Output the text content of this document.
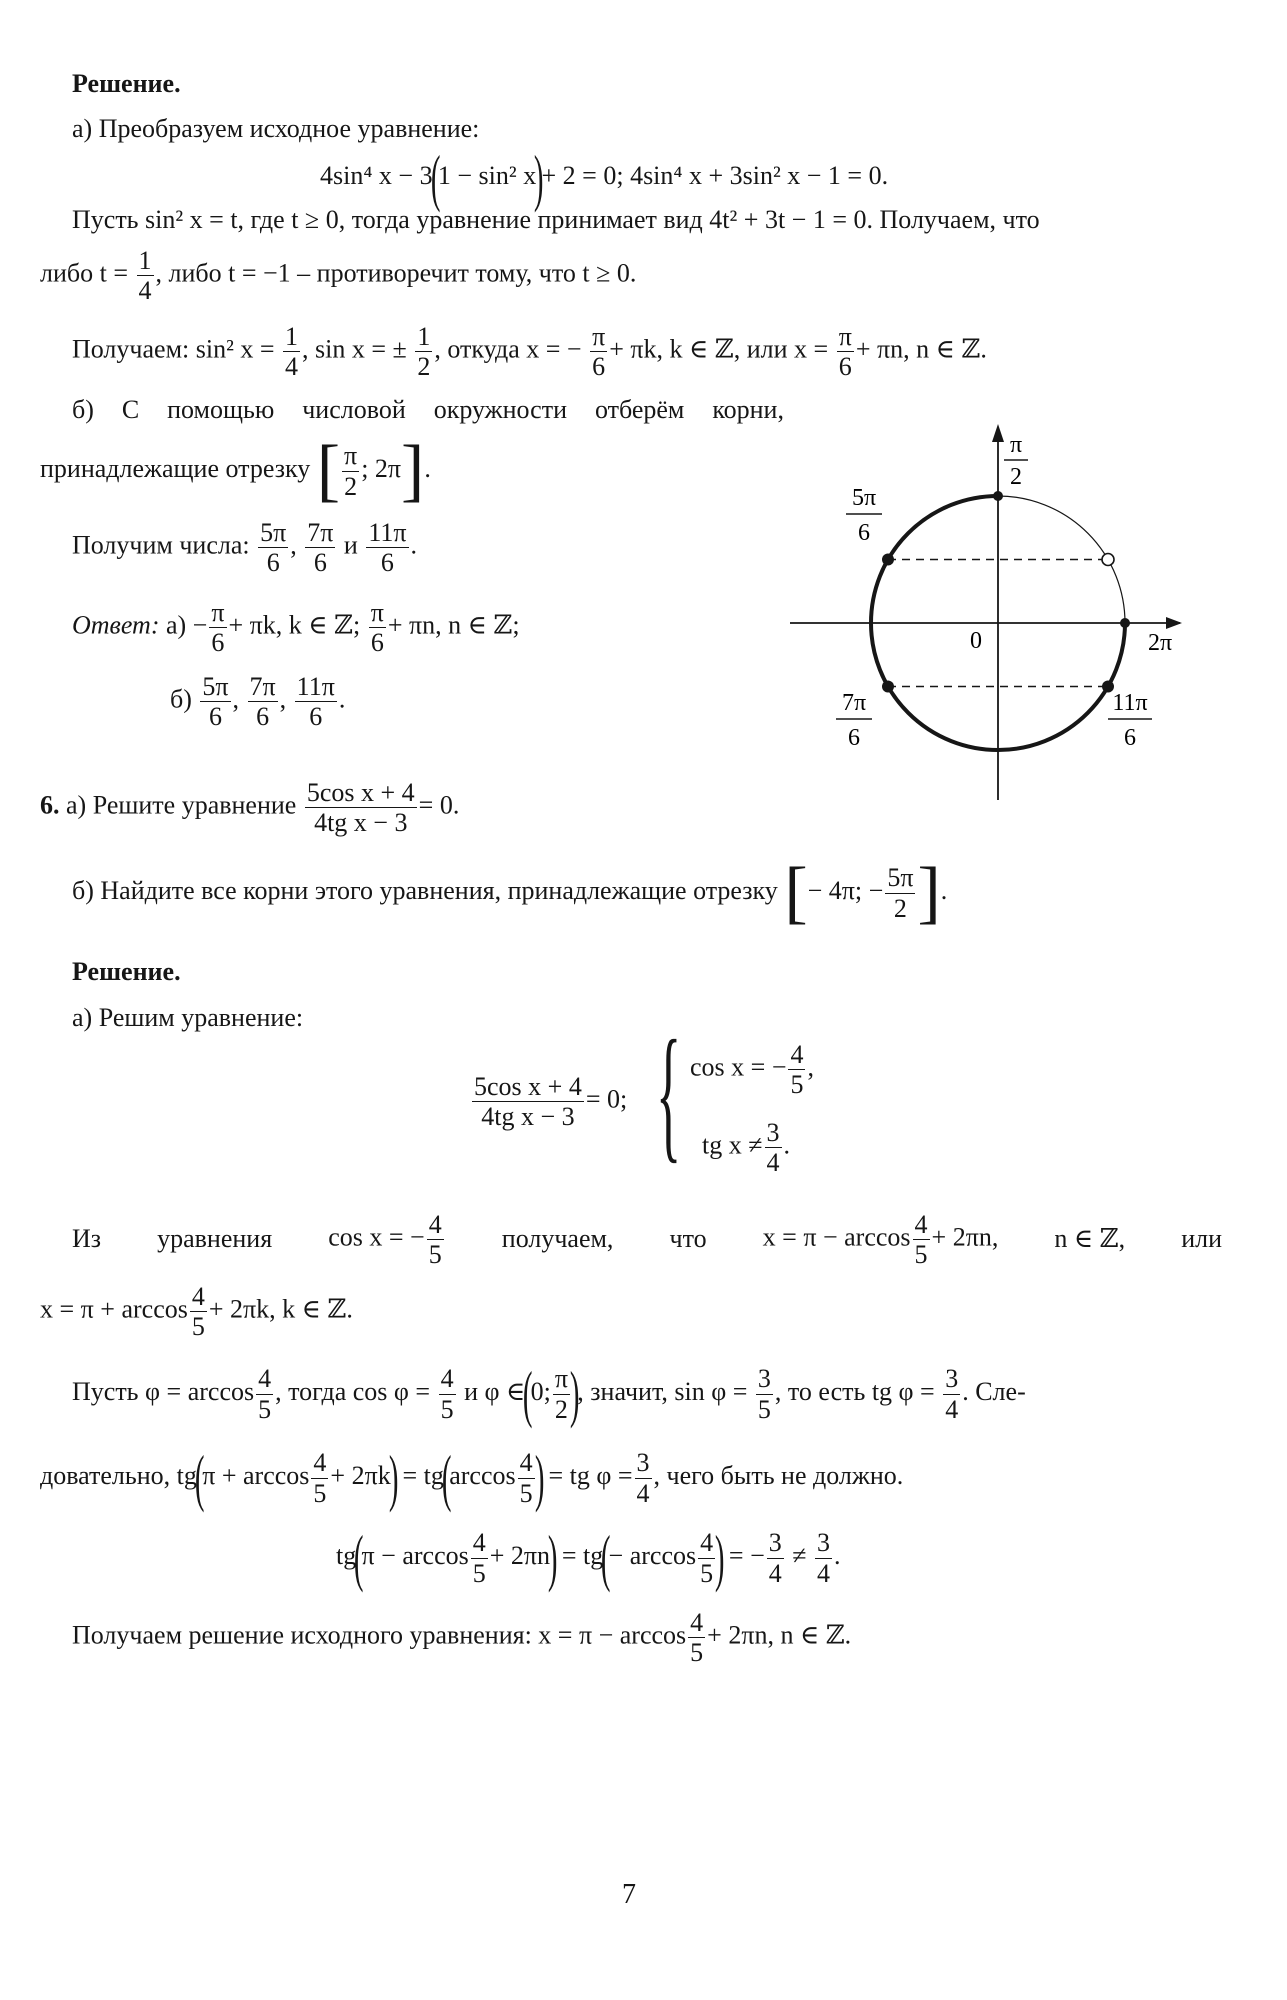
Решение.
а) Преобразуем исходное уравнение:
4sin⁴ x − 3(1 − sin² x)+ 2 = 0; 4sin⁴ x + 3sin² x − 1 = 0.
Пусть sin² x = t, где t ≥ 0, тогда уравнение принимает вид 4t² + 3t − 1 = 0. Получаем, что
либо $t = \frac{1}{4}$ , либо t = −1 – противоречит тому, что t ≥ 0.
Получаем: sin² $x = \frac{1}{4}$ , sin x = ± $\frac{1}{2}$ , откуда x = − $\frac{\pi}{6} + \pi k$, k ∈ ℤ, или $x = \frac{\pi}{6} + \pi n$, n ∈ ℤ.
б) С помощью числовой окружности отберём корни,
принадлежащие отрезку [ $\frac{\pi}{2}$ ; 2π].
Получим числа: $\frac{5\pi}{6}$ , $\frac{7\pi}{6}$ и $\frac{11\pi}{6}$ .
Ответ: $а) - \frac{\pi}{6} + \pi k$, k ∈ ℤ; $\frac{\pi}{6} + \pi n$, n ∈ ℤ;
$б) \frac{5\pi}{6}$ , $\frac{7\pi}{6}$ , $\frac{11\pi}{6}$ .
π
2
5π
6
0	2π
7π
6
11π
6
6. а) Решите уравнение $\frac{\text{5cos x + 4}}{\text{4tg x − 3}} = 0$.
б) Найдите все корни этого уравнения, принадлежащие отрезку [− 4π; − $\frac{5\pi}{2}$ ].
Решение.
а) Решим уравнение:
$\frac{\text{5cos x + 4}}{\text{4tg x − 3}} = 0$; { cos x = − $\frac{4}{5}$ ,
tg $x \ne \frac{3}{4}$ .
Из уравнения cos x = − $\frac{4}{5}$ получаем, что $x = \pi - \arccos \frac{4}{5} + 2\pi n$, n ∈ ℤ, или
$x = \pi + \arccos \frac{4}{5} + 2\pi k$, k ∈ ℤ.
Пусть $\varphi = \arccos \frac{4}{5}$ , тогда $\cos \varphi = \frac{4}{5}$ и φ ∈(0; $\frac{\pi}{2}$ ), значит, $\sin \varphi = \frac{3}{5}$ , то есть tg $\varphi = \frac{3}{4}$ . Сле-
довательно, $tg(\pi + \arccos \frac{4}{5} + 2\pi k) = tg(\arccos \frac{4}{5}$ ) = tg $\varphi = \frac{3}{4}$ , чего быть не должно.
$tg(\pi - \arccos \frac{4}{5} + 2\pi n) = tg(- \arccos \frac{4}{5}$ ) = − $\frac{3}{4} \ne \frac{3}{4}$ .
Получаем решение исходного уравнения: $x = \pi - \arccos \frac{4}{5} + 2\pi n$, n ∈ ℤ.
7
